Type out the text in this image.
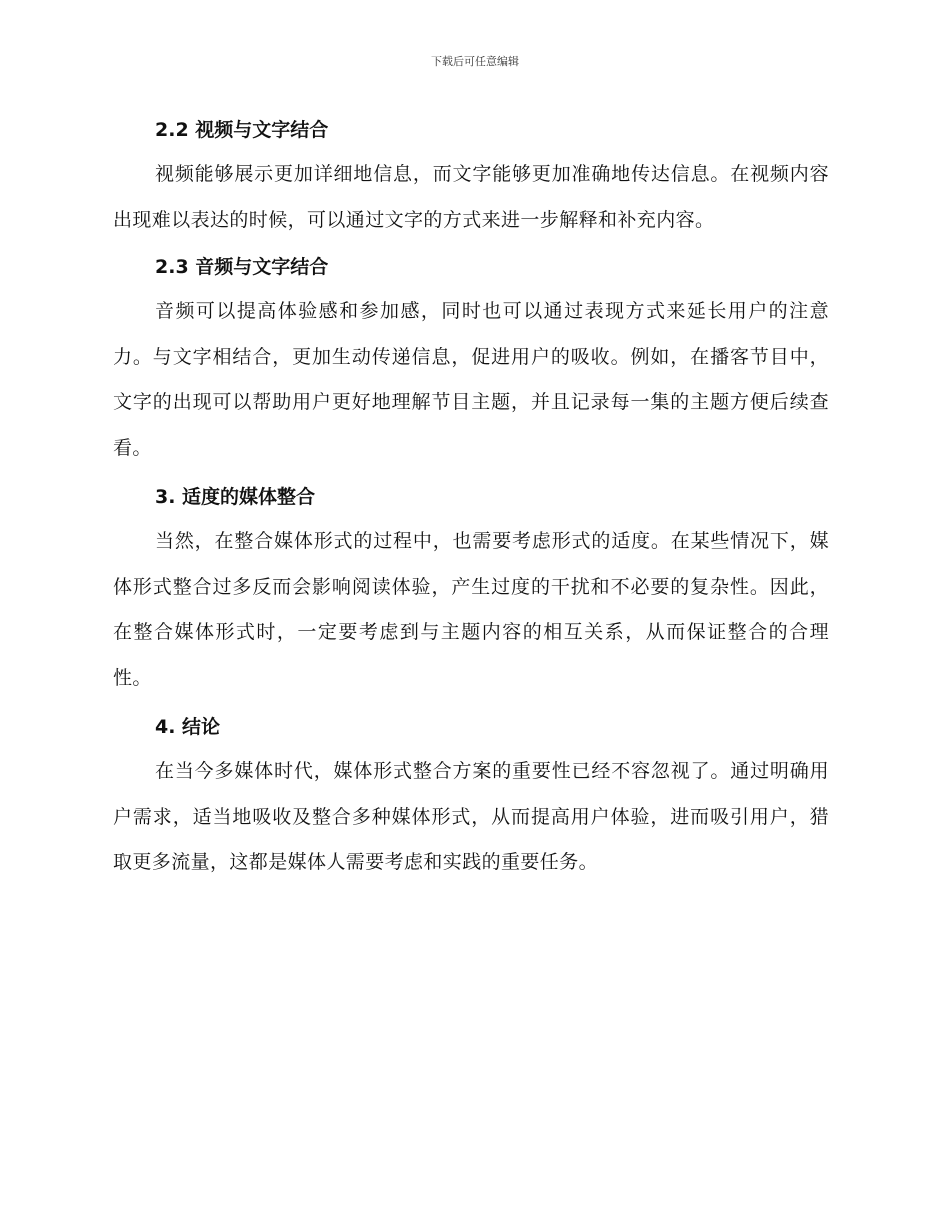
下载后可任意编辑
2.2 视频与文字结合

视频能够展示更加详细地信息，而文字能够更加准确地传达信息。在视频内容出现难以表达的时候，可以通过文字的方式来进一步解释和补充内容。

2.3 音频与文字结合

音频可以提高体验感和参加感，同时也可以通过表现方式来延长用户的注意力。与文字相结合，更加生动传递信息，促进用户的吸收。例如，在播客节目中，文字的出现可以帮助用户更好地理解节目主题，并且记录每一集的主题方便后续查看。

3. 适度的媒体整合

当然，在整合媒体形式的过程中，也需要考虑形式的适度。在某些情况下，媒体形式整合过多反而会影响阅读体验，产生过度的干扰和不必要的复杂性。因此，在整合媒体形式时，一定要考虑到与主题内容的相互关系，从而保证整合的合理性。

4. 结论

在当今多媒体时代，媒体形式整合方案的重要性已经不容忽视了。通过明确用户需求，适当地吸收及整合多种媒体形式，从而提高用户体验，进而吸引用户，猎取更多流量，这都是媒体人需要考虑和实践的重要任务。
